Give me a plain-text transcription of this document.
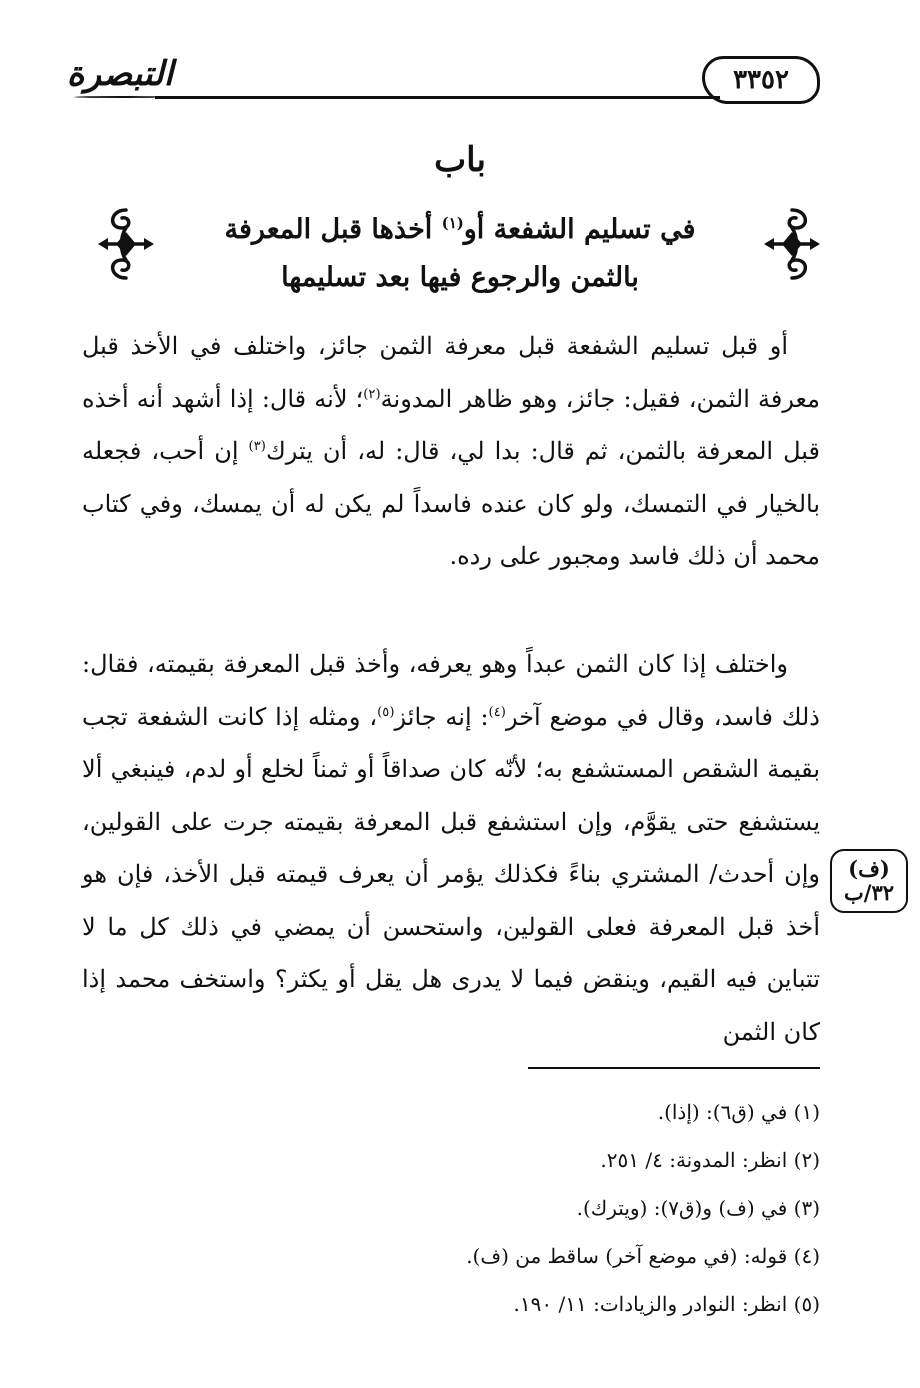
التبصرة	٣٣٥٢
باب
في تسليم الشفعة أو$^{(١)}$ أخذها قبل المعرفة
بالثمن والرجوع فيها بعد تسليمها
أو قبل تسليم الشفعة قبل معرفة الثمن جائز، واختلف في الأخذ قبل معرفة الثمن، فقيل: جائز، وهو ظاهر المدونة$^{(٢)}$؛ لأنه قال: إذا أشهد أنه أخذه قبل المعرفة بالثمن، ثم قال: بدا لي، قال: له، أن يترك$^{(٣)}$ إن أحب، فجعله بالخيار في التمسك، ولو كان عنده فاسداً لم يكن له أن يمسك، وفي كتاب محمد أن ذلك فاسد ومجبور على رده.
واختلف إذا كان الثمن عبداً وهو يعرفه، وأخذ قبل المعرفة بقيمته، فقال: ذلك فاسد، وقال في موضع آخر$^{(٤)}$: إنه جائز$^{(٥)}$، ومثله إذا كانت الشفعة تجب بقيمة الشقص المستشفع به؛ لأنّه كان صداقاً أو ثمناً لخلع أو لدم، فينبغي ألا يستشفع حتى يقوَّم، وإن استشفع قبل المعرفة بقيمته جرت على القولين، وإن أحدث/ المشتري بناءً فكذلك يؤمر أن يعرف قيمته قبل الأخذ، فإن هو أخذ قبل المعرفة فعلى القولين، واستحسن أن يمضي في ذلك كل ما لا تتباين فيه القيم، وينقض فيما لا يدرى هل يقل أو يكثر؟ واستخف محمد إذا كان الثمن
(ف)
٣٢/ب
(١) في (ق٦): (إذا).
(٢) انظر: المدونة: ٤/ ٢٥١.
(٣) في (ف) و(ق٧): (ويترك).
(٤) قوله: (في موضع آخر) ساقط من (ف).
(٥) انظر: النوادر والزيادات: ١١/ ١٩٠.
